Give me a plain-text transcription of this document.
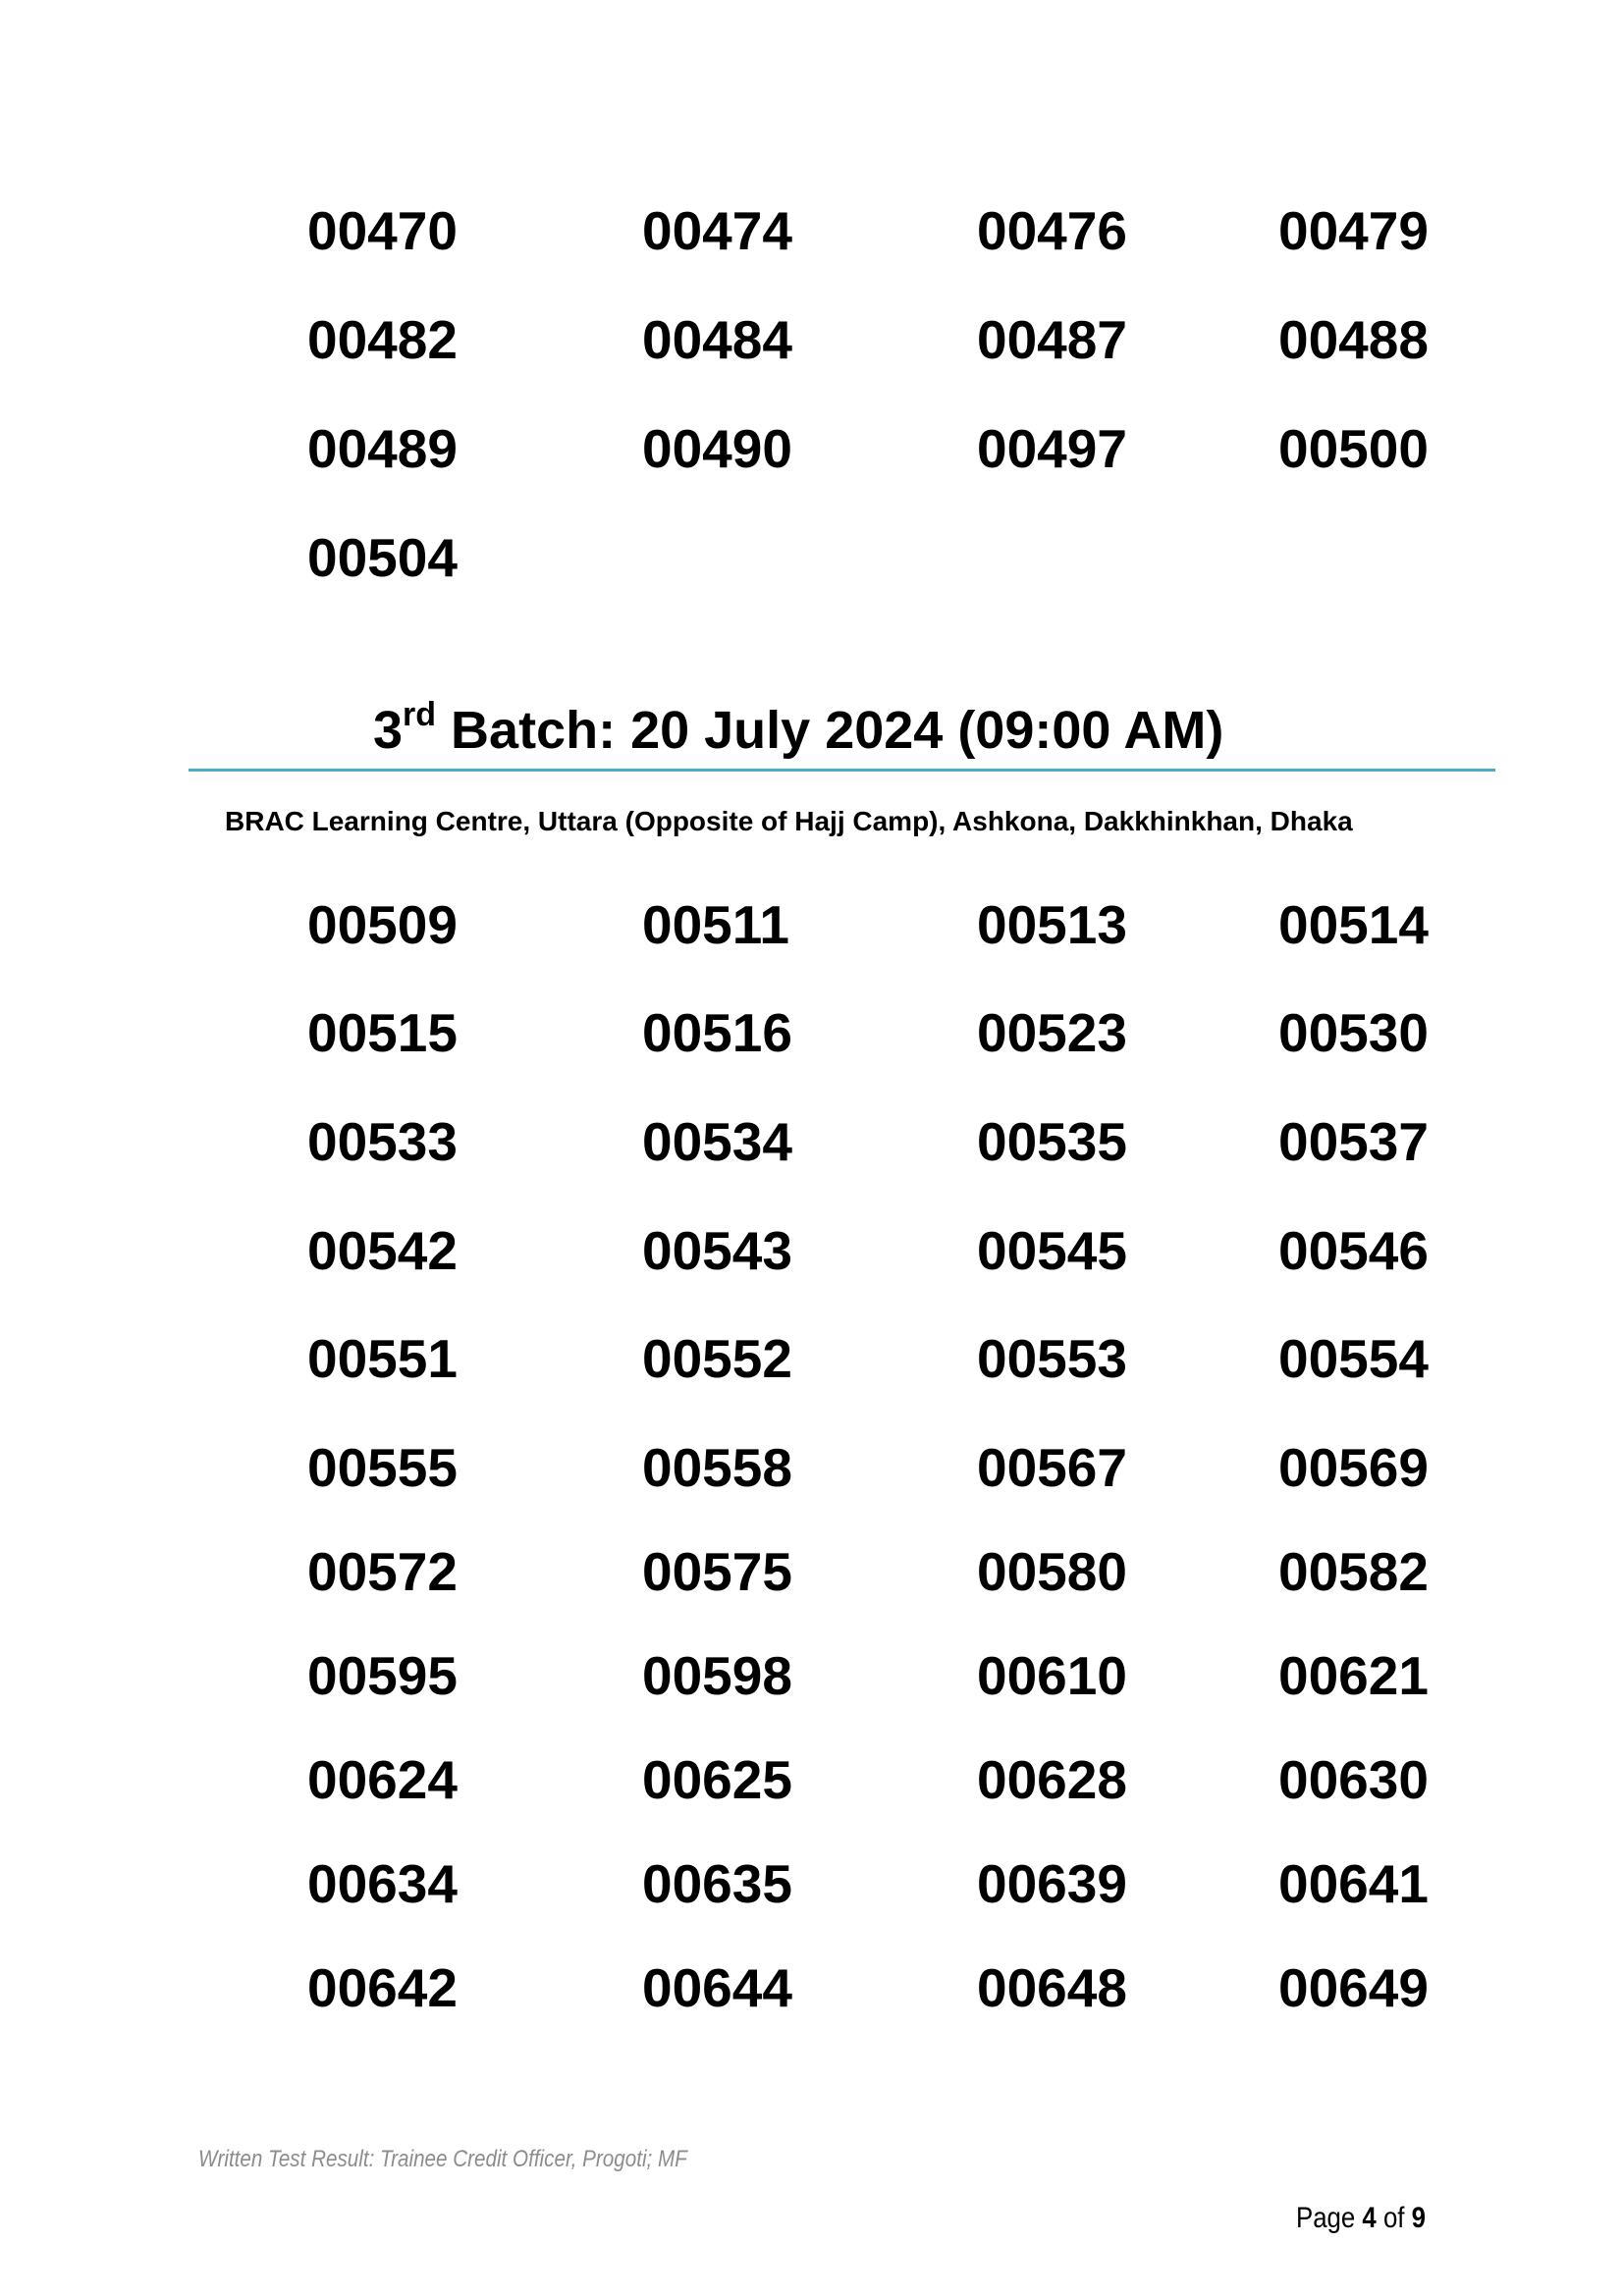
00470	00474	00476	00479
00482	00484	00487	00488
00489	00490	00497	00500
00504
3rd Batch: 20 July 2024 (09:00 AM)
BRAC Learning Centre, Uttara (Opposite of Hajj Camp), Ashkona, Dakkhinkhan, Dhaka
00509	00511	00513	00514
00515	00516	00523	00530
00533	00534	00535	00537
00542	00543	00545	00546
00551	00552	00553	00554
00555	00558	00567	00569
00572	00575	00580	00582
00595	00598	00610	00621
00624	00625	00628	00630
00634	00635	00639	00641
00642	00644	00648	00649
Written Test Result: Trainee Credit Officer, Progoti; MF
Page 4 of 9
